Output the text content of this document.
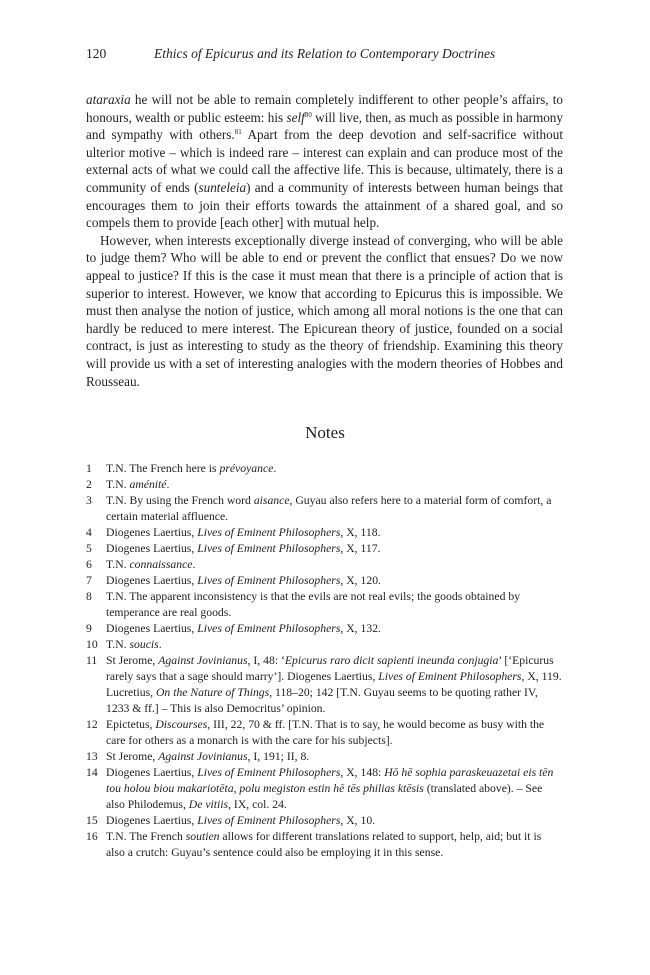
120	Ethics of Epicurus and its Relation to Contemporary Doctrines

ataraxia he will not be able to remain completely indifferent to other people’s affairs, to honours, wealth or public esteem: his self$^{80}$ will live, then, as much as possible in harmony and sympathy with others.$^{81}$ Apart from the deep devotion and self-sacrifice without ulterior motive – which is indeed rare – interest can explain and can produce most of the external acts of what we could call the affective life. This is because, ultimately, there is a community of ends (sunteleia) and a community of interests between human beings that encourages them to join their efforts towards the attainment of a shared goal, and so compels them to provide [each other] with mutual help.

However, when interests exceptionally diverge instead of converging, who will be able to judge them? Who will be able to end or prevent the conflict that ensues? Do we now appeal to justice? If this is the case it must mean that there is a principle of action that is superior to interest. However, we know that according to Epicurus this is impossible. We must then analyse the notion of justice, which among all moral notions is the one that can hardly be reduced to mere interest. The Epicurean theory of justice, founded on a social contract, is just as interesting to study as the theory of friendship. Examining this theory will provide us with a set of interesting analogies with the modern theories of Hobbes and Rousseau.

Notes
1 T.N. The French here is prévoyance.
2 T.N. aménité.
3 T.N. By using the French word aisance, Guyau also refers here to a material form of comfort, a certain material affluence.
4 Diogenes Laertius, Lives of Eminent Philosophers, X, 118.
5 Diogenes Laertius, Lives of Eminent Philosophers, X, 117.
6 T.N. connaissance.
7 Diogenes Laertius, Lives of Eminent Philosophers, X, 120.
8 T.N. The apparent inconsistency is that the evils are not real evils; the goods obtained by temperance are real goods.
9 Diogenes Laertius, Lives of Eminent Philosophers, X, 132.
10 T.N. soucis.
11 St Jerome, Against Jovinianus, I, 48: ‘Epicurus raro dicit sapienti ineunda conjugia’ [‘Epicurus rarely says that a sage should marry’]. Diogenes Laertius, Lives of Eminent Philosophers, X, 119. Lucretius, On the Nature of Things, 118–20; 142 [T.N. Guyau seems to be quoting rather IV, 1233 & ff.] – This is also Democritus’ opinion.
12 Epictetus, Discourses, III, 22, 70 & ff. [T.N. That is to say, he would become as busy with the care for others as a monarch is with the care for his subjects].
13 St Jerome, Against Jovinianus, I, 191; II, 8.
14 Diogenes Laertius, Lives of Eminent Philosophers, X, 148: Hō hē sophia paraskeuazetai eis tēn tou holou biou makariotēta, polu megiston estin hē tēs philias ktēsis (translated above). – See also Philodemus, De vitiis, IX, col. 24.
15 Diogenes Laertius, Lives of Eminent Philosophers, X, 10.
16 T.N. The French soutien allows for different translations related to support, help, aid; but it is also a crutch: Guyau’s sentence could also be employing it in this sense.
